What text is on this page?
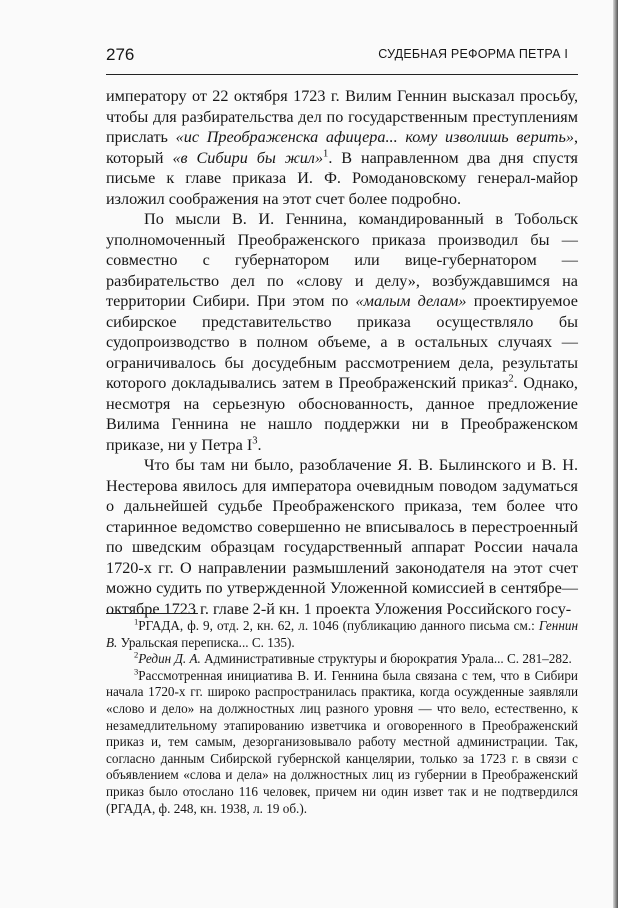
276	СУДЕБНАЯ РЕФОРМА ПЕТРА I

императору от 22 октября 1723 г. Вилим Геннин высказал просьбу, чтобы для разбирательства дел по государственным преступлениям прислать «ис Преображенска афицера... кому изволишь верить», который «в Сибири бы жил»$^1$. В направленном два дня спустя письме к главе приказа И. Ф. Ромодановскому генерал-майор изложил соображения на этот счет более подробно.

По мысли В. И. Геннина, командированный в Тобольск уполномоченный Преображенского приказа производил бы — совместно с губернатором или вице-губернатором — разбирательство дел по «слову и делу», возбуждавшимся на территории Сибири. При этом по «малым делам» проектируемое сибирское представительство приказа осуществляло бы судопроизводство в полном объеме, а в остальных случаях — ограничивалось бы досудебным рассмотрением дела, результаты которого докладывались затем в Преображенский приказ$^2$. Однако, несмотря на серьезную обоснованность, данное предложение Вилима Геннина не нашло поддержки ни в Преображенском приказе, ни у Петра $I^3$.

Что бы там ни было, разоблачение Я. В. Былинского и В. Н. Нестерова явилось для императора очевидным поводом задуматься о дальнейшей судьбе Преображенского приказа, тем более что старинное ведомство совершенно не вписывалось в перестроенный по шведским образцам государственный аппарат России начала 1720-х гг. О направлении размышлений законодателя на этот счет можно судить по утвержденной Уложенной комиссией в сентябре—октябре 1723 г. главе 2-й кн. 1 проекта Уложения Российского госу-

$^1$РГАДА, ф. 9, отд. 2, кн. 62, л. 1046 (публикацию данного письма см.: Геннин В. Уральская переписка... С. 135).

$^2$Редин Д. А. Административные структуры и бюрократия Урала... С. 281–282.

$^3$Рассмотренная инициатива В. И. Геннина была связана с тем, что в Сибири начала 1720-х гг. широко распространилась практика, когда осужденные заявляли «слово и дело» на должностных лиц разного уровня — что вело, естественно, к незамедлительному этапированию изветчика и оговоренного в Преображенский приказ и, тем самым, дезорганизовывало работу местной администрации. Так, согласно данным Сибирской губернской канцелярии, только за 1723 г. в связи с объявлением «слова и дела» на должностных лиц из губернии в Преображенский приказ было отослано 116 человек, причем ни один извет так и не подтвердился (РГАДА, ф. 248, кн. 1938, л. 19 об.).
